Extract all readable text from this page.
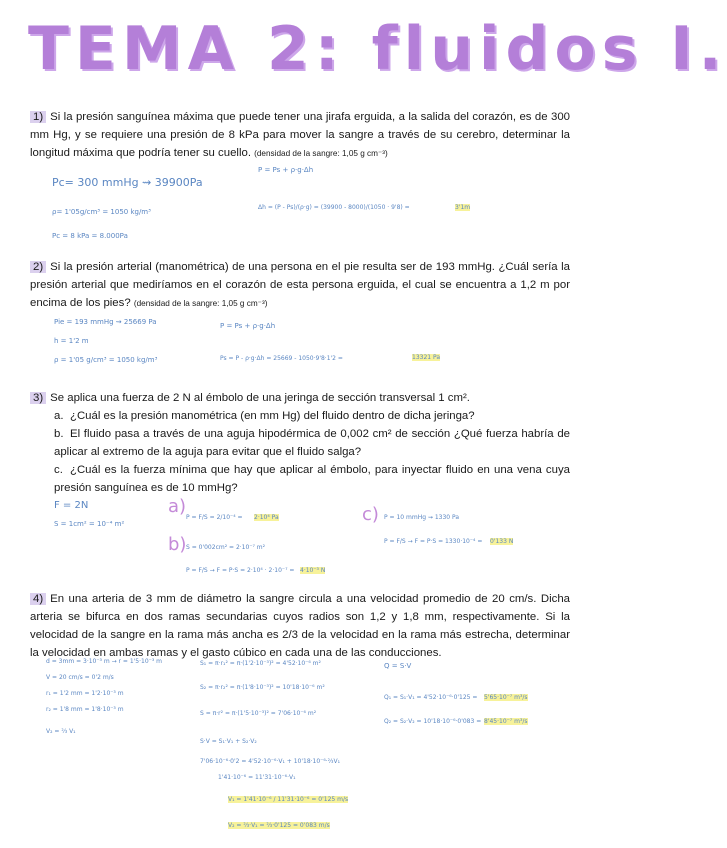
TEMA 2: fluidos I.
1) Si la presión sanguínea máxima que puede tener una jirafa erguida, a la salida del corazón, es de 300 mm Hg, y se requiere una presión de 8 kPa para mover la sangre a través de su cerebro, determinar la longitud máxima que podría tener su cuello. (densidad de la sangre: 1,05 g cm⁻³)
Pc= 300 mmHg ⇝ 39900Pa
ρ= 1'05g/cm³ = 1050 kg/m³
Pc = 8 kPa = 8.000Pa
P = Ps + ρ·g·Δh
Δh = (P - Ps)/(ρ·g) = (39900 - 8000)/(1050 · 9'8) =	3'1m
2) Si la presión arterial (manométrica) de una persona en el pie resulta ser de 193 mmHg. ¿Cuál sería la presión arterial que mediríamos en el corazón de esta persona erguida, el cual se encuentra a 1,2 m por encima de los pies? (densidad de la sangre: 1,05 g cm⁻³)
Pie = 193 mmHg ⇝ 25669 Pa
h = 1'2 m
ρ = 1'05 g/cm³ = 1050 kg/m³
P = Ps + ρ·g·Δh
Ps = P - ρ·g·Δh = 25669 - 1050·9'8·1'2 =	13321 Pa
3) Se aplica una fuerza de 2 N al émbolo de una jeringa de sección transversal 1 cm².
a. ¿Cuál es la presión manométrica (en mm Hg) del fluido dentro de dicha jeringa?
b. El fluido pasa a través de una aguja hipodérmica de 0,002 cm² de sección ¿Qué fuerza habría de aplicar al extremo de la aguja para evitar que el fluido salga?
c. ¿Cuál es la fuerza mínima que hay que aplicar al émbolo, para inyectar fluido en una vena cuya presión sanguínea es de 10 mmHg?
F = 2N
S = 1cm² = 10⁻⁴ m²
a)
P = F/S = 2/10⁻⁴ = 2·10⁴ Pa
b) S = 0'002cm² = 2·10⁻⁷ m²
P = F/S → F = P·S = 2·10⁴ · 2·10⁻⁷ = 4·10⁻³ N
c) P = 10 mmHg ⇝ 1330 Pa
P = F/S → F = P·S = 1330·10⁻⁴ = 0'133 N
4) En una arteria de 3 mm de diámetro la sangre circula a una velocidad promedio de 20 cm/s. Dicha arteria se bifurca en dos ramas secundarias cuyos radios son 1,2 y 1,8 mm, respectivamente. Si la velocidad de la sangre en la rama más ancha es 2/3 de la velocidad en la rama más estrecha, determinar la velocidad en ambas ramas y el gasto cúbico en cada una de las conducciones.
d = 3mm = 3·10⁻³ m → r = 1'5·10⁻³ m
V = 20 cm/s = 0'2 m/s
r₁ = 1'2 mm = 1'2·10⁻³ m
r₂ = 1'8 mm = 1'8·10⁻³ m
V₂ = ⅔ V₁
S₁ = π·r₁² = π·(1'2·10⁻³)² = 4'52·10⁻⁶ m²
S₂ = π·r₂² = π·(1'8·10⁻³)² = 10'18·10⁻⁶ m²
S = π·r² = π·(1'5·10⁻³)² = 7'06·10⁻⁶ m²
S·V = S₁·V₁ + S₂·V₂
7'06·10⁻⁶·0'2 = 4'52·10⁻⁶·V₁ + 10'18·10⁻⁶·⅔V₁
1'41·10⁻⁶ = 11'31·10⁻⁶·V₁
V₁ = 1'41·10⁻⁶ / 11'31·10⁻⁶ = 0'125 m/s
V₂ = ⅔·V₁ = ⅔·0'125 = 0'083 m/s
Q = S·V
Q₁ = S₁·V₁ = 4'52·10⁻⁶·0'125 = 5'65·10⁻⁷ m³/s
Q₂ = S₂·V₂ = 10'18·10⁻⁶·0'083 = 8'45·10⁻⁷ m³/s
